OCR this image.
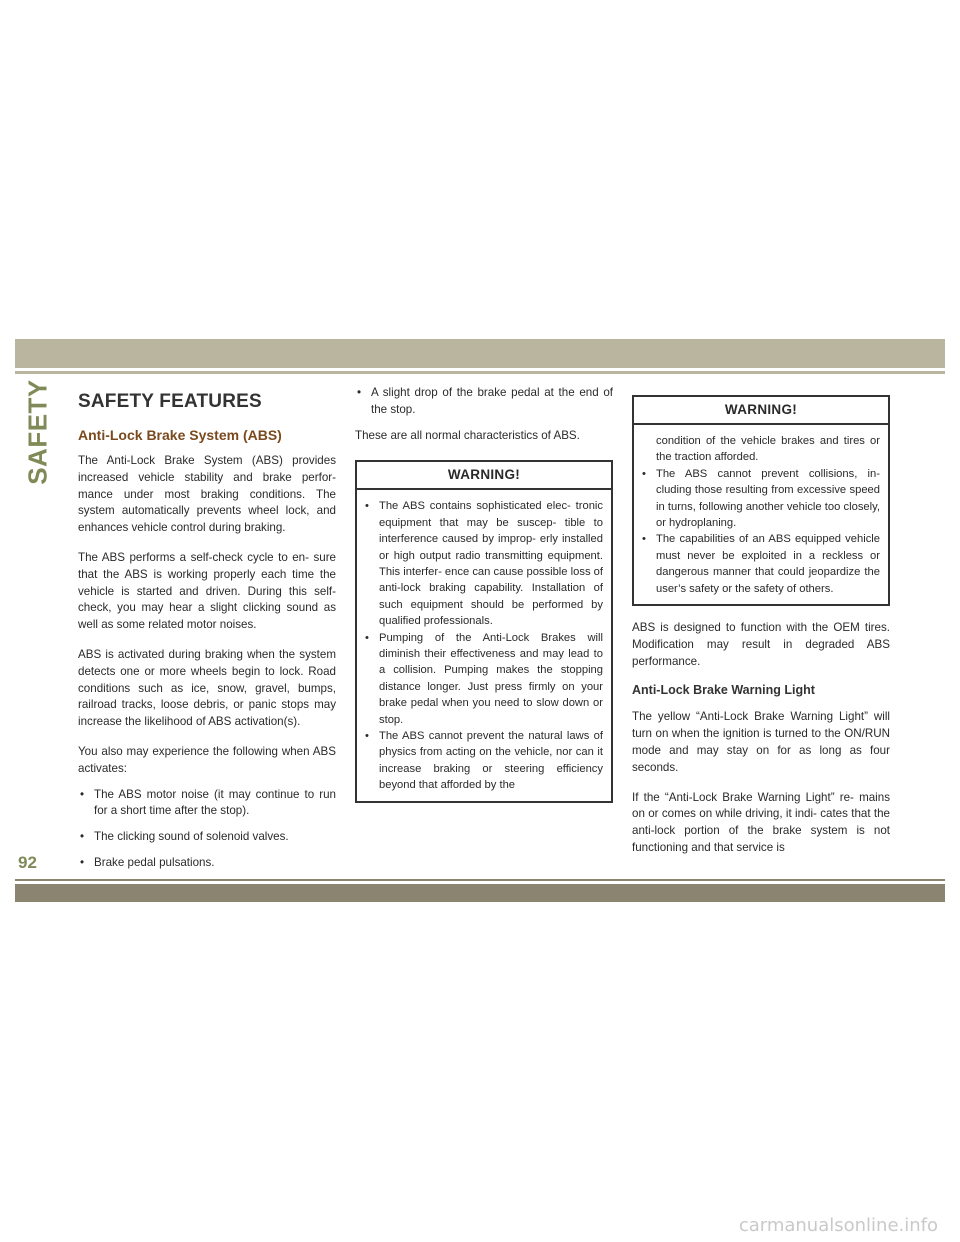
SAFETY SAFETY FEATURES
Anti-Lock Brake System (ABS)

The Anti-Lock Brake System (ABS) provides increased vehicle stability and brake perfor- mance under most braking conditions. The system automatically prevents wheel lock, and enhances vehicle control during braking.

The ABS performs a self-check cycle to en- sure that the ABS is working properly each time the vehicle is started and driven. During this self-check, you may hear a slight clicking sound as well as some related motor noises.

ABS is activated during braking when the system detects one or more wheels begin to lock. Road conditions such as ice, snow, gravel, bumps, railroad tracks, loose debris, or panic stops may increase the likelihood of ABS activation(s).

You also may experience the following when ABS activates:

• The ABS motor noise (it may continue to run for a short time after the stop).
• The clicking sound of solenoid valves.
• Brake pedal pulsations.
• A slight drop of the brake pedal at the end of the stop.

These are all normal characteristics of ABS.

WARNING!
• The ABS contains sophisticated elec- tronic equipment that may be suscep- tible to interference caused by improp- erly installed or high output radio transmitting equipment. This interfer- ence can cause possible loss of anti-lock braking capability. Installation of such equipment should be performed by qualified professionals.
• Pumping of the Anti-Lock Brakes will diminish their effectiveness and may lead to a collision. Pumping makes the stopping distance longer. Just press firmly on your brake pedal when you need to slow down or stop.
• The ABS cannot prevent the natural laws of physics from acting on the vehicle, nor can it increase braking or steering efficiency beyond that afforded by the
WARNING!
condition of the vehicle brakes and tires or the traction afforded.
• The ABS cannot prevent collisions, in- cluding those resulting from excessive speed in turns, following another vehicle too closely, or hydroplaning.
• The capabilities of an ABS equipped vehicle must never be exploited in a reckless or dangerous manner that could jeopardize the user’s safety or the safety of others.

ABS is designed to function with the OEM tires. Modification may result in degraded ABS performance.

Anti-Lock Brake Warning Light

The yellow “Anti-Lock Brake Warning Light” will turn on when the ignition is turned to the ON/RUN mode and may stay on for as long as four seconds.

If the “Anti-Lock Brake Warning Light” re- mains on or comes on while driving, it indi- cates that the anti-lock portion of the brake system is not functioning and that service is

92
carmanualsonline.info
